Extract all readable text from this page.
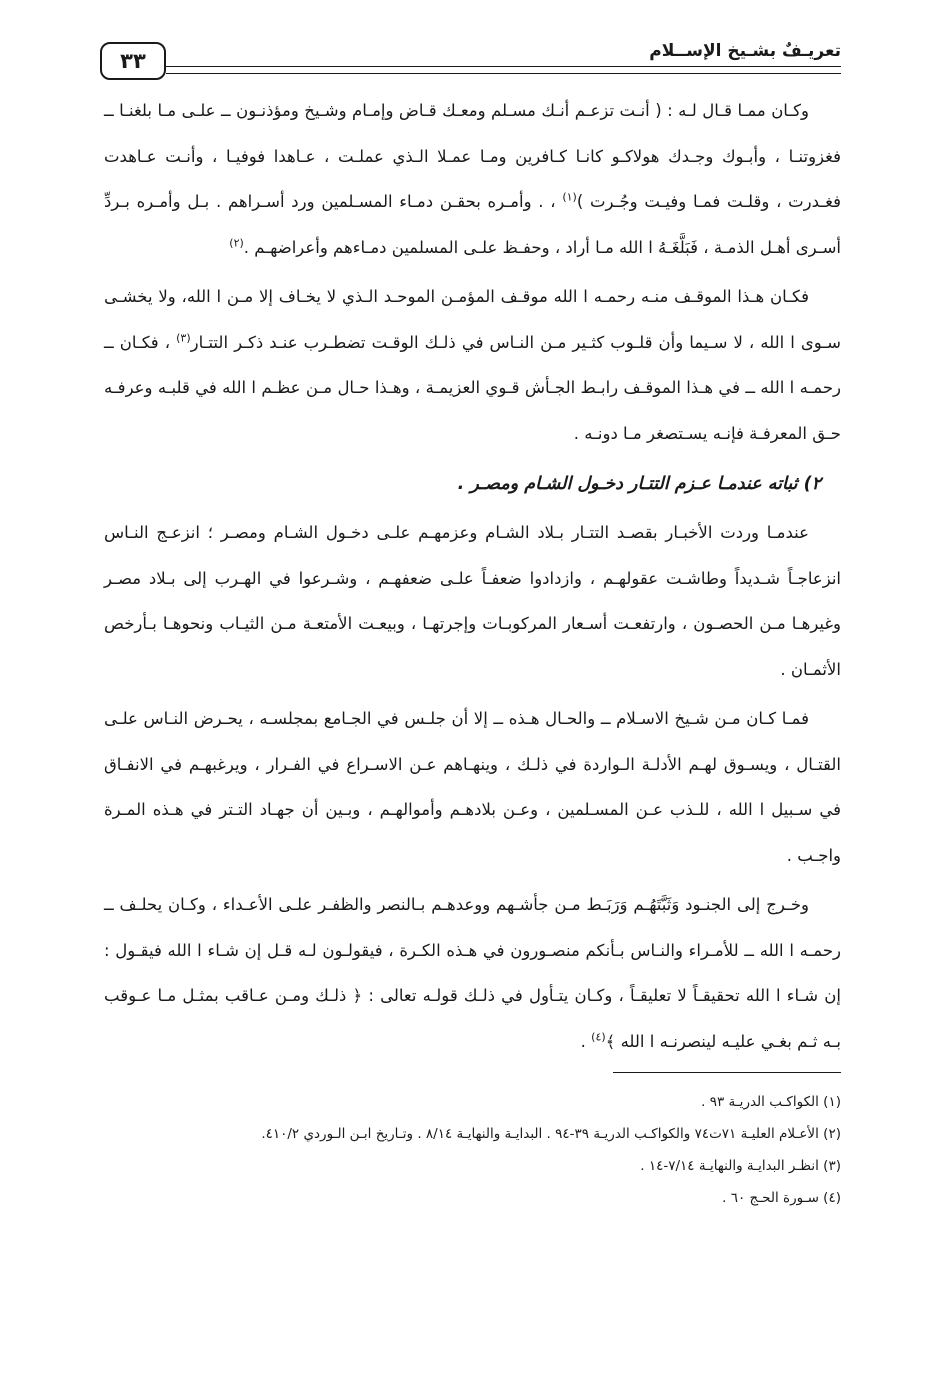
٣٣	تعريـفٌ بشـيخ الإســلام

وكـان ممـا قـال لـه : ( أنـت تزعـم أنـك مسـلم ومعـك قـاض وإمـام وشـيخ ومؤذنـون ــ علـى مـا بلغنـا ــ فغزوتنـا ، وأبـوك وجـدك هولاكـو كانـا كـافرين ومـا عمـلا الـذي عملـت ، عـاهدا فوفيـا ، وأنـت عـاهدت فغـدرت ، وقلـت فمـا وفيـت وجُـرت )$^{(١)}$ ، . وأمـره بحقـن دمـاء المسـلمين ورد أسـراهم . بـل وأمـره بـردِّ أسـرى أهـل الذمـة ، فَبَلَّغَـهُ ا الله مـا أراد ، وحفـظ علـى المسلمين دمـاءهم وأعراضهـم .$^{(٢)}$

فكـان هـذا الموقـف منـه رحمـه ا الله موقـف المؤمـن الموحـد الـذي لا يخـاف إلا مـن ا الله، ولا يخشـى سـوى ا الله ، لا سـيما وأن قلـوب كثـير مـن النـاس في ذلـك الوقـت تضطـرب عنـد ذكـر التتـار$^{(٣)}$ ، فكـان ــ رحمـه ا الله ــ في هـذا الموقـف رابـط الجـأش قـوي العزيمـة ، وهـذا حـال مـن عظـم ا الله في قلبـه وعرفـه حـق المعرفـة فإنـه يسـتصغر مـا دونـه .

٢) ثباته عندمـا عـزم التتـار دخـول الشـام ومصـر .

عندمـا وردت الأخبـار بقصـد التتـار بـلاد الشـام وعزمهـم علـى دخـول الشـام ومصـر ؛ انزعـج النـاس انزعاجـاً شـديداً وطاشـت عقولهـم ، وازدادوا ضعفـاً علـى ضعفهـم ، وشـرعوا في الهـرب إلى بـلاد مصـر وغيرهـا مـن الحصـون ، وارتفعـت أسـعار المركوبـات وإجرتهـا ، وبيعـت الأمتعـة مـن الثيـاب ونحوهـا بـأرخص الأثمـان .

فمـا كـان مـن شـيخ الاسـلام ــ والحـال هـذه ــ إلا أن جلـس في الجـامع بمجلسـه ، يحـرض النـاس علـى القتـال ، ويسـوق لهـم الأدلـة الـواردة في ذلـك ، وينهـاهم عـن الاسـراع في الفـرار ، ويرغبهـم في الانفـاق في سـبيل ا الله ، للـذب عـن المسـلمين ، وعـن بلادهـم وأموالهـم ، وبـين أن جهـاد التـتر في هـذه المـرة واجـب .

وخـرج إلى الجنـود وَثَبَّتَهُـم وَرَبَـط مـن جأشـهم ووعدهـم بـالنصر والظفـر علـى الأعـداء ، وكـان يحلـف ــ رحمـه ا الله ــ للأمـراء والنـاس بـأنكم منصـورون في هـذه الكـرة ، فيقولـون لـه قـل إن شـاء ا الله فيقـول : إن شـاء ا الله تحقيقـاً لا تعليقـاً ، وكـان يتـأول في ذلـك قولـه تعالى : ﴿ ذلـك ومـن عـاقب بمثـل مـا عـوقب بـه ثـم بغـي عليـه لينصرنـه ا الله ﴾$^{(٤)}$ .

(١) الكواكـب الدريـة ٩٣ .
(٢) الأعـلام العليـة ٧١ت٧٤ والكواكـب الدريـة ٣٩-٩٤ . البدايـة والنهايـة ٨/١٤ . وتـاريخ ابـن الـوردي ٤١٠/٢.
(٣) انظـر البدايـة والنهايـة ٧/١٤-١٤ .
(٤) سـورة الحـج ٦٠ .
